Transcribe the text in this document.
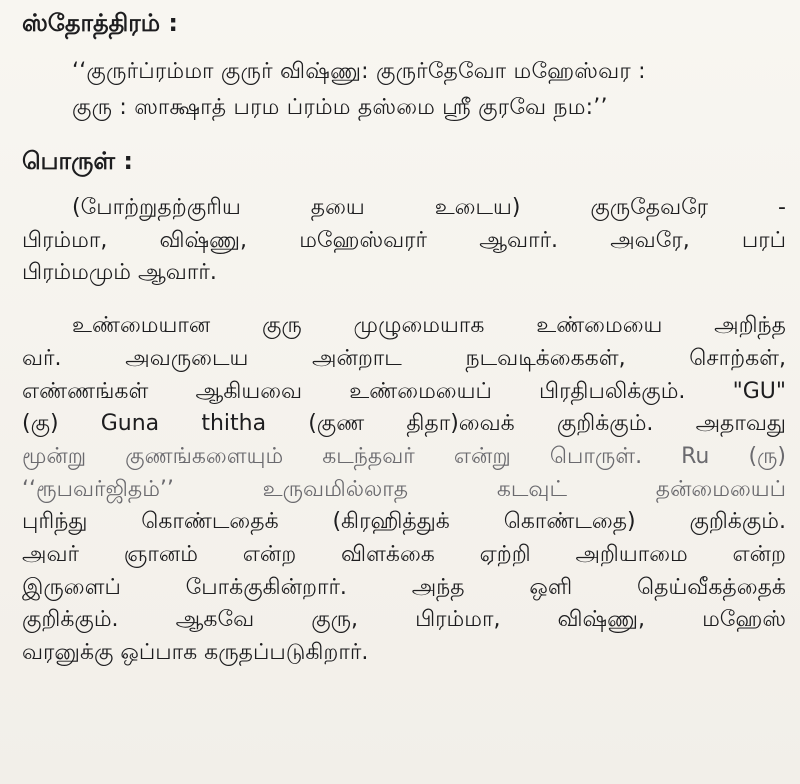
ஸ்தோத்திரம் :
‘‘குருர்ப்ரம்மா குருர் விஷ்ணு: குருர்தேவோ மஹேஸ்வர :
குரு : ஸாக்ஷாத் பரம ப்ரம்ம தஸ்மை ஸ்ரீ குரவே நம:’’
பொருள் :
(போற்றுதற்குரிய தயை உடைய) குருதேவரே -
பிரம்மா, விஷ்ணு, மஹேஸ்வரர் ஆவார். அவரே, பரப்
பிரம்மமும் ஆவார்.
உண்மையான குரு முழுமையாக உண்மையை அறிந்த
வர். அவருடைய அன்றாட நடவடிக்கைகள், சொற்கள்,
எண்ணங்கள் ஆகியவை உண்மையைப் பிரதிபலிக்கும். "GU"
(கு) Guna thitha (குண திதா)வைக் குறிக்கும். அதாவது
மூன்று குணங்களையும் கடந்தவர் என்று பொருள். Ru (ரு)
‘‘ரூபவர்ஜிதம்’’ உருவமில்லாத கடவுட் தன்மையைப்
புரிந்து கொண்டதைக் (கிரஹித்துக் கொண்டதை) குறிக்கும்.
அவர் ஞானம் என்ற விளக்கை ஏற்றி அறியாமை என்ற
இருளைப் போக்குகின்றார். அந்த ஒளி தெய்வீகத்தைக்
குறிக்கும். ஆகவே குரு, பிரம்மா, விஷ்ணு, மஹேஸ்
வரனுக்கு ஒப்பாக கருதப்படுகிறார்.
